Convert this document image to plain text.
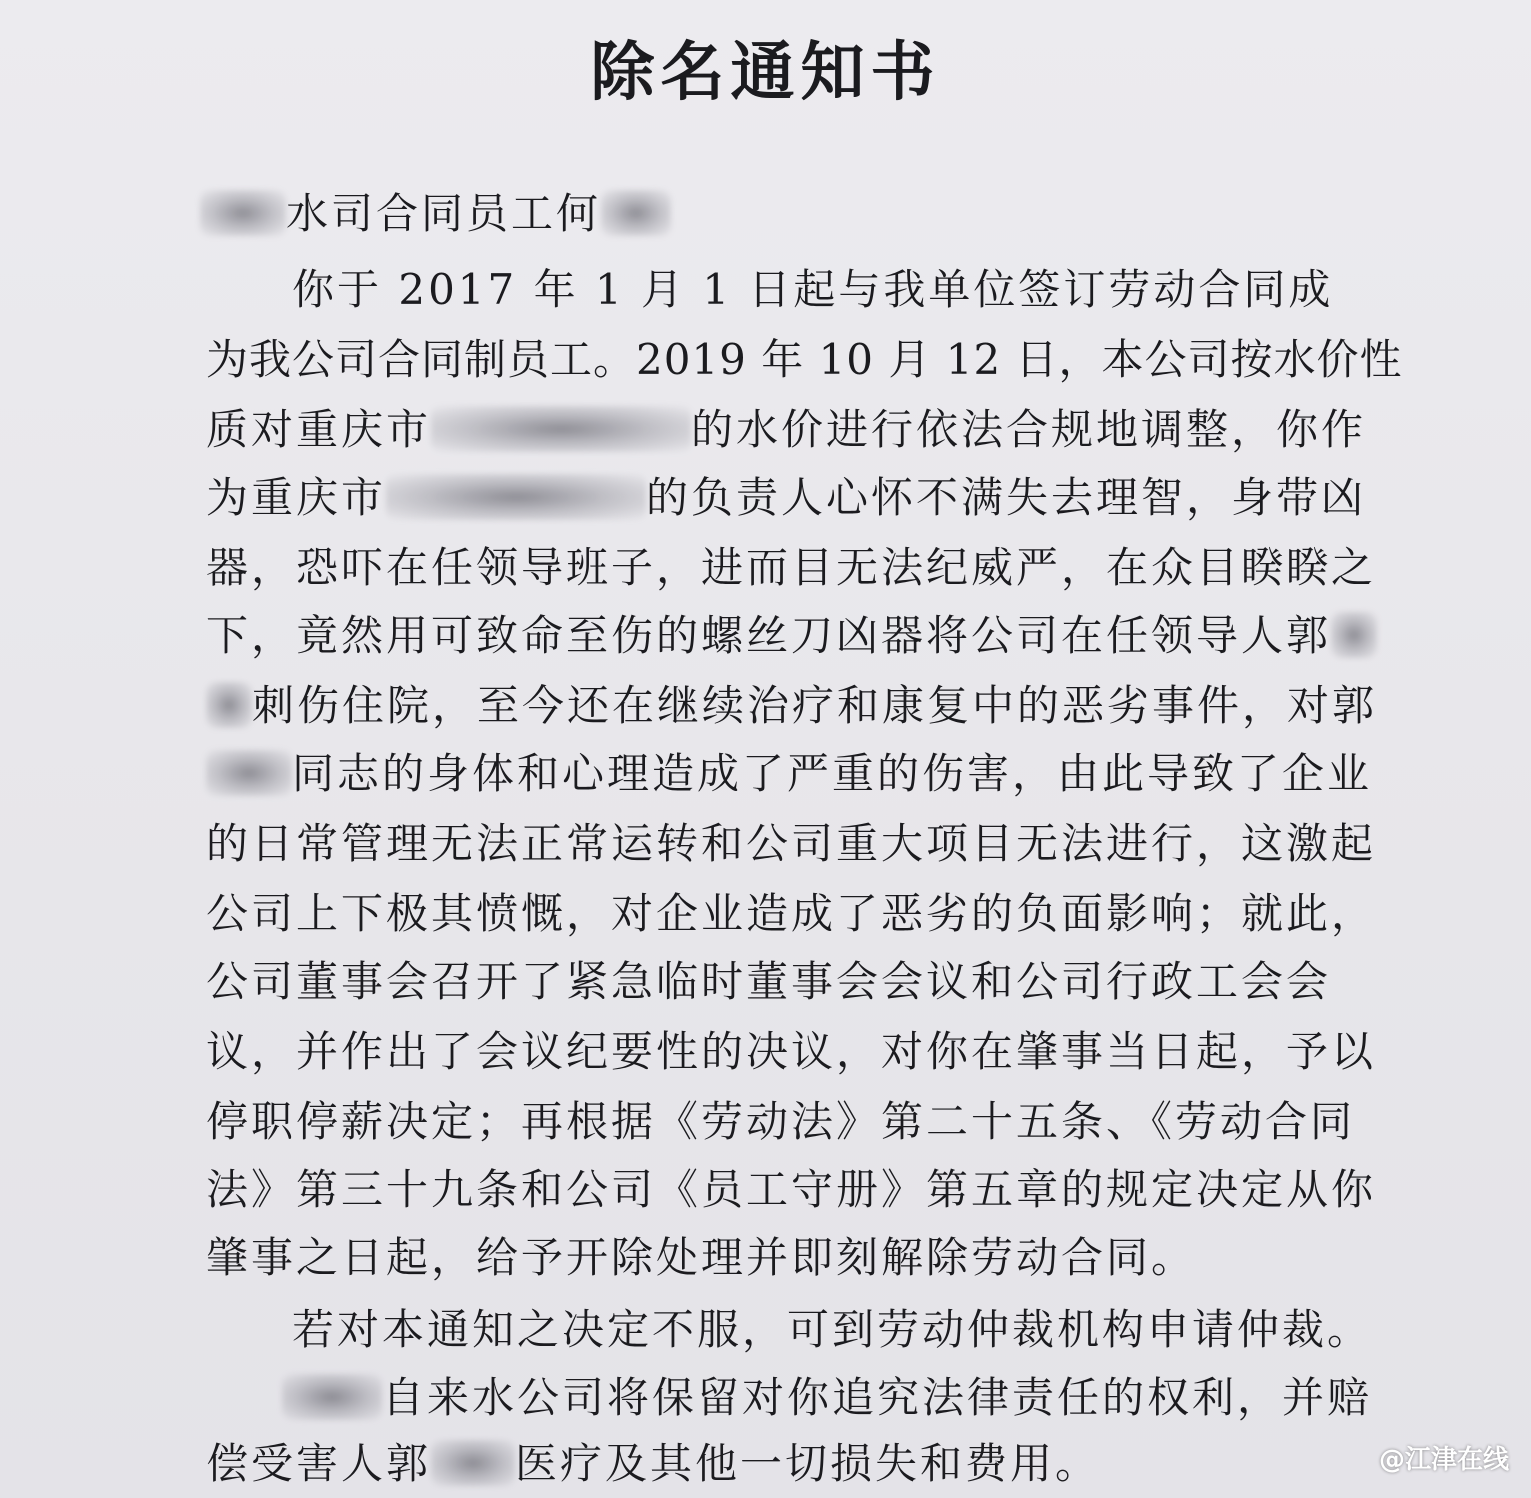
除名通知书
水司合同员工何
你于 2017 年 1 月 1 日起与我单位签订劳动合同成
为我公司合同制员工。2019 年 10 月 12 日，本公司按水价性
质对重庆市	的水价进行依法合规地调整，你作
为重庆市	的负责人心怀不满失去理智，身带凶
器，恐吓在任领导班子，进而目无法纪威严，在众目睽睽之
下，竟然用可致命至伤的螺丝刀凶器将公司在任领导人郭
刺伤住院，至今还在继续治疗和康复中的恶劣事件，对郭
同志的身体和心理造成了严重的伤害，由此导致了企业
的日常管理无法正常运转和公司重大项目无法进行，这激起
公司上下极其愤慨，对企业造成了恶劣的负面影响；就此，
公司董事会召开了紧急临时董事会会议和公司行政工会会
议，并作出了会议纪要性的决议，对你在肇事当日起，予以
停职停薪决定；再根据《劳动法》第二十五条、《劳动合同
法》第三十九条和公司《员工守册》第五章的规定决定从你
肇事之日起，给予开除处理并即刻解除劳动合同。
若对本通知之决定不服，可到劳动仲裁机构申请仲裁。
自来水公司将保留对你追究法律责任的权利，并赔
偿受害人郭 医疗及其他一切损失和费用。	@江津在线
